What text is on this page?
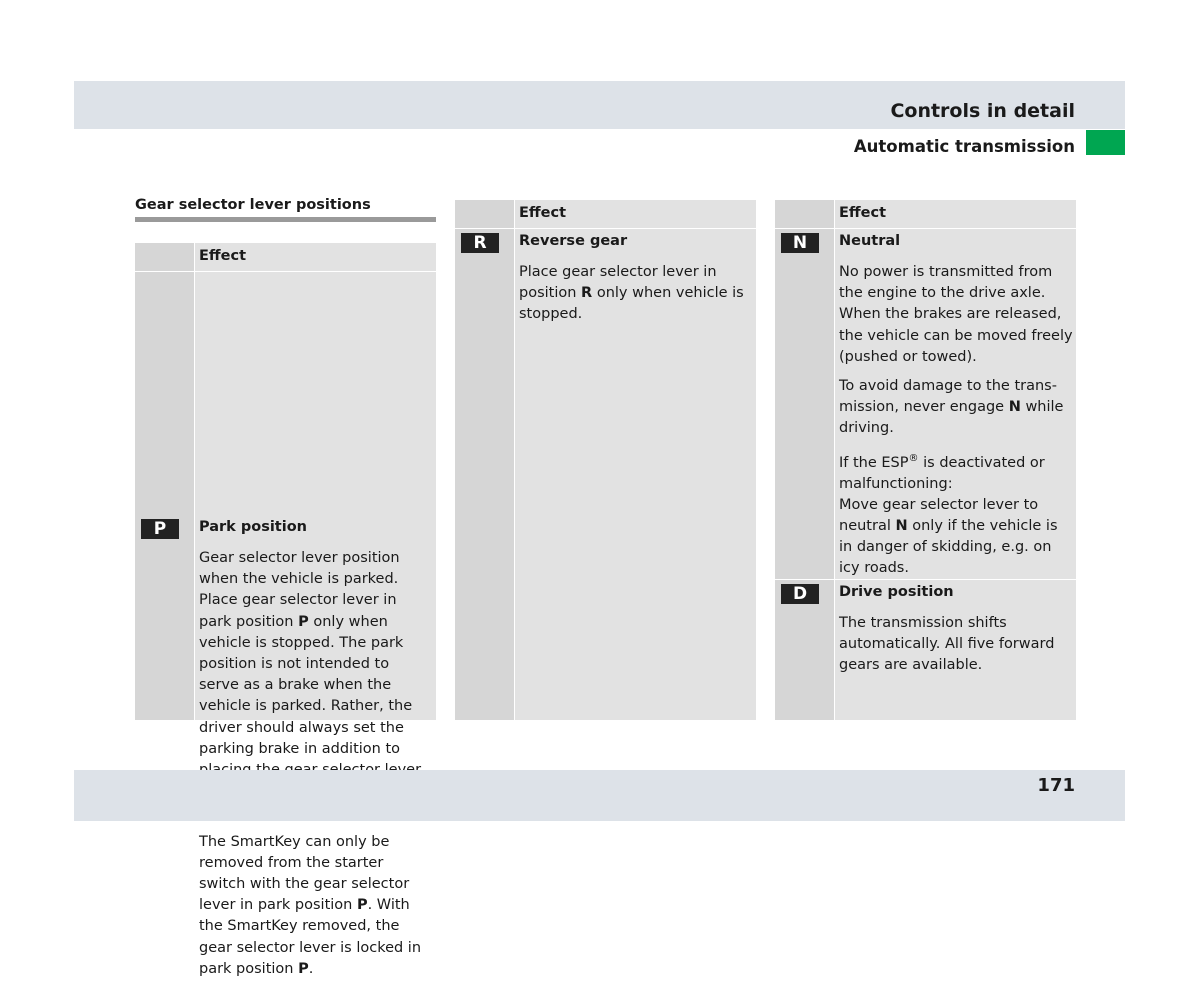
Controls in detail
Automatic transmission
Gear selector lever positions
Effect
P	Park position

Gear selector lever position when the vehicle is parked. Place gear selector lever in park position P only when vehicle is stopped. The park position is not intended to serve as a brake when the vehicle is parked. Rather, the driver should always set the parking brake in addition to

The SmartKey can only be removed from the starter switch with the gear selector lever in park position P. With the SmartKey removed, the gear selector lever is locked in park position P.

Effect
R	Reverse gear

Place gear selector lever in position R only when vehicle is stopped.

Effect
N	Neutral

No power is transmitted from the engine to the drive axle. When the brakes are released, the vehicle can be moved freely (pushed or towed).

To avoid damage to the trans- mission, never engage N while driving.

If the ESP® is deactivated or malfunctioning:
Move gear selector lever to neutral N only if the vehicle is in danger of skidding, e.g. on icy roads.

D	Drive position

The transmission shifts automatically. All five forward gears are available.

171
